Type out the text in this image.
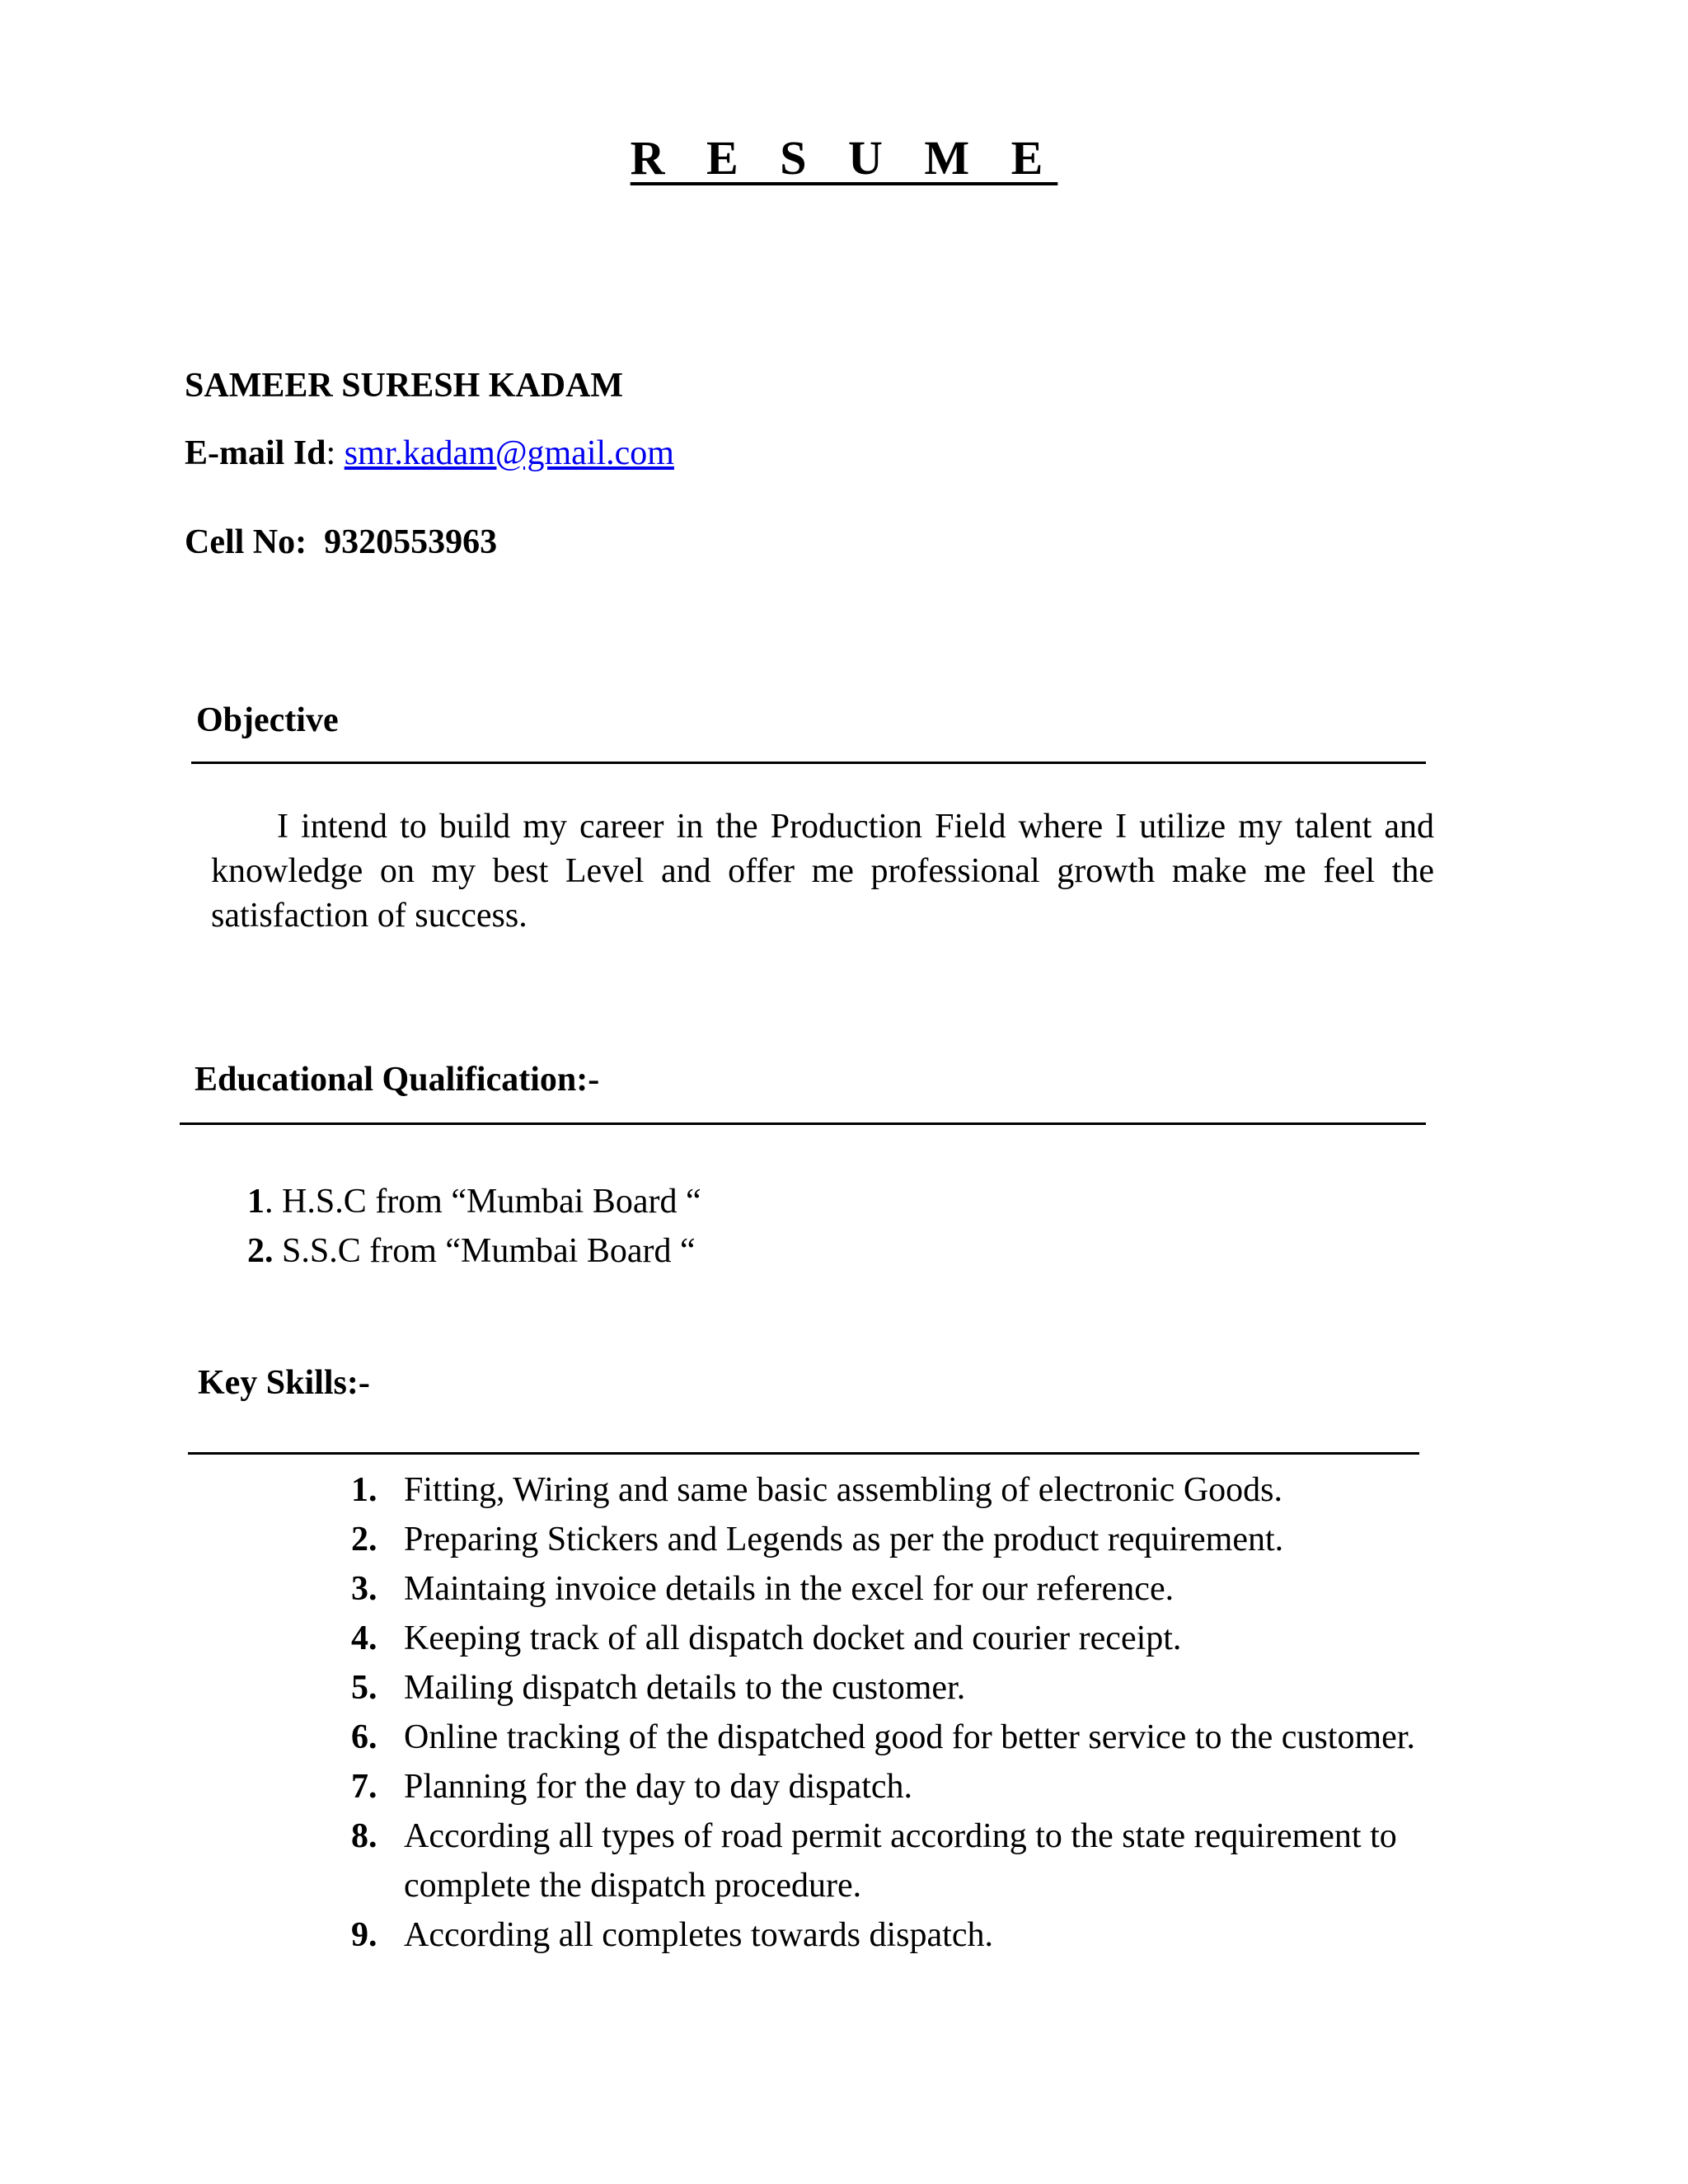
R E S U M E

SAMEER SURESH KADAM

E-mail Id: smr.kadam@gmail.com

Cell No: 9320553963

Objective

I intend to build my career in the Production Field where I utilize my talent and knowledge on my best Level and offer me professional growth make me feel the satisfaction of success.

Educational Qualification:-

1. H.S.C from “Mumbai Board “
2. S.S.C from “Mumbai Board “

Key Skills:-

1. Fitting, Wiring and same basic assembling of electronic Goods.
2. Preparing Stickers and Legends as per the product requirement.
3. Maintaing invoice details in the excel for our reference.
4. Keeping track of all dispatch docket and courier receipt.
5. Mailing dispatch details to the customer.
6. Online tracking of the dispatched good for better service to the customer.
7. Planning for the day to day dispatch.
8. According all types of road permit according to the state requirement to complete the dispatch procedure.
9. According all completes towards dispatch.
